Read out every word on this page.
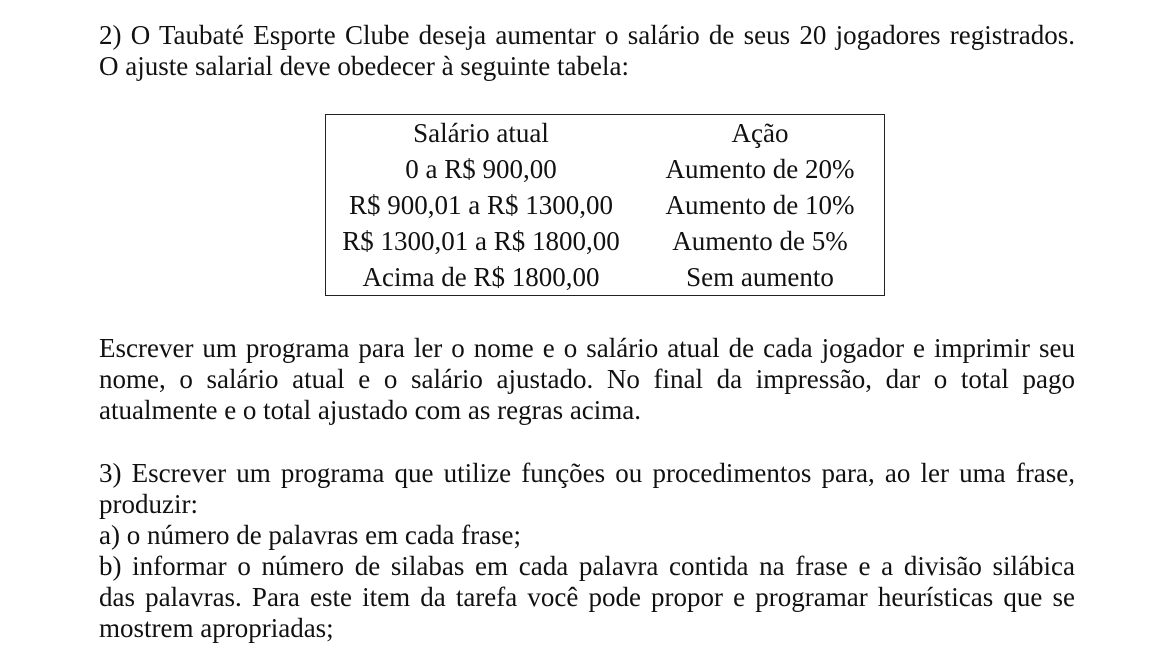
2) O Taubaté Esporte Clube deseja aumentar o salário de seus 20 jogadores registrados.
O ajuste salarial deve obedecer à seguinte tabela:
Salário atual	Ação
0 a R$ 900,00	Aumento de 20%
R$ 900,01 a R$ 1300,00	Aumento de 10%
R$ 1300,01 a R$ 1800,00	Aumento de 5%
Acima de R$ 1800,00	Sem aumento
Escrever um programa para ler o nome e o salário atual de cada jogador e imprimir seu
nome, o salário atual e o salário ajustado. No final da impressão, dar o total pago
atualmente e o total ajustado com as regras acima.
3) Escrever um programa que utilize funções ou procedimentos para, ao ler uma frase,
produzir:
a) o número de palavras em cada frase;
b) informar o número de silabas em cada palavra contida na frase e a divisão silábica
das palavras. Para este item da tarefa você pode propor e programar heurísticas que se
mostrem apropriadas;
